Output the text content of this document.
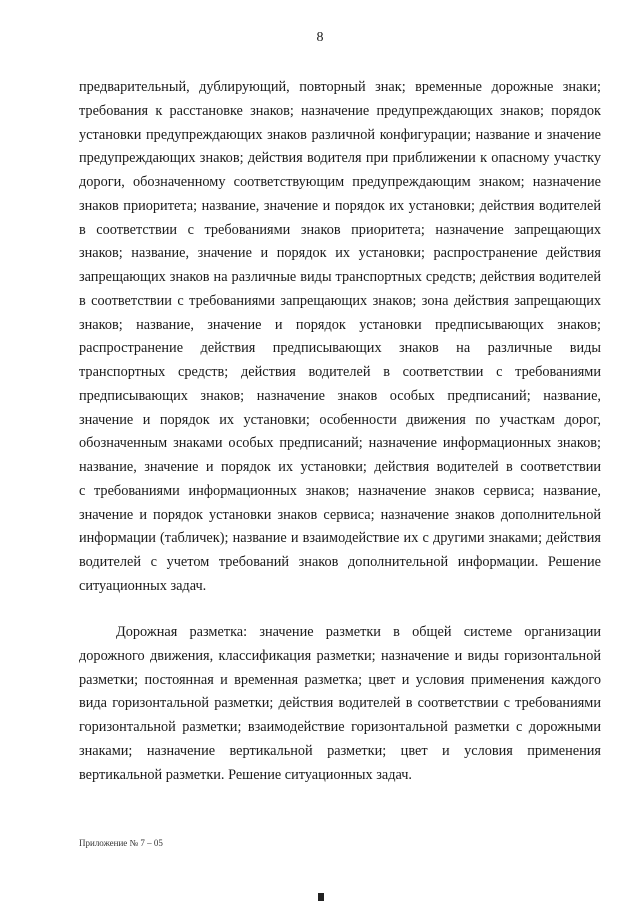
8
предварительный, дублирующий, повторный знак; временные дорожные знаки;
требования к расстановке знаков; назначение предупреждающих знаков; порядок
установки предупреждающих знаков различной конфигурации; название и значение
предупреждающих знаков; действия водителя при приближении к опасному участку
дороги, обозначенному соответствующим предупреждающим знаком; назначение
знаков приоритета; название, значение и порядок их установки; действия водителей
в соответствии с требованиями знаков приоритета; назначение запрещающих
знаков; название, значение и порядок их установки; распространение действия
запрещающих знаков на различные виды транспортных средств; действия водителей
в соответствии с требованиями запрещающих знаков; зона действия запрещающих
знаков; название, значение и порядок установки предписывающих знаков;
распространение действия предписывающих знаков на различные виды
транспортных средств; действия водителей в соответствии с требованиями
предписывающих знаков; назначение знаков особых предписаний; название,
значение и порядок их установки; особенности движения по участкам дорог,
обозначенным знаками особых предписаний; назначение информационных знаков;
название, значение и порядок их установки; действия водителей в соответствии
с требованиями информационных знаков; назначение знаков сервиса; название,
значение и порядок установки знаков сервиса; назначение знаков дополнительной
информации (табличек); название и взаимодействие их с другими знаками; действия
водителей с учетом требований знаков дополнительной информации. Решение
ситуационных задач.
Дорожная разметка: значение разметки в общей системе организации
дорожного движения, классификация разметки; назначение и виды горизонтальной
разметки; постоянная и временная разметка; цвет и условия применения каждого
вида горизонтальной разметки; действия водителей в соответствии с требованиями
горизонтальной разметки; взаимодействие горизонтальной разметки с дорожными
знаками; назначение вертикальной разметки; цвет и условия применения
вертикальной разметки. Решение ситуационных задач.
Приложение № 7 – 05
